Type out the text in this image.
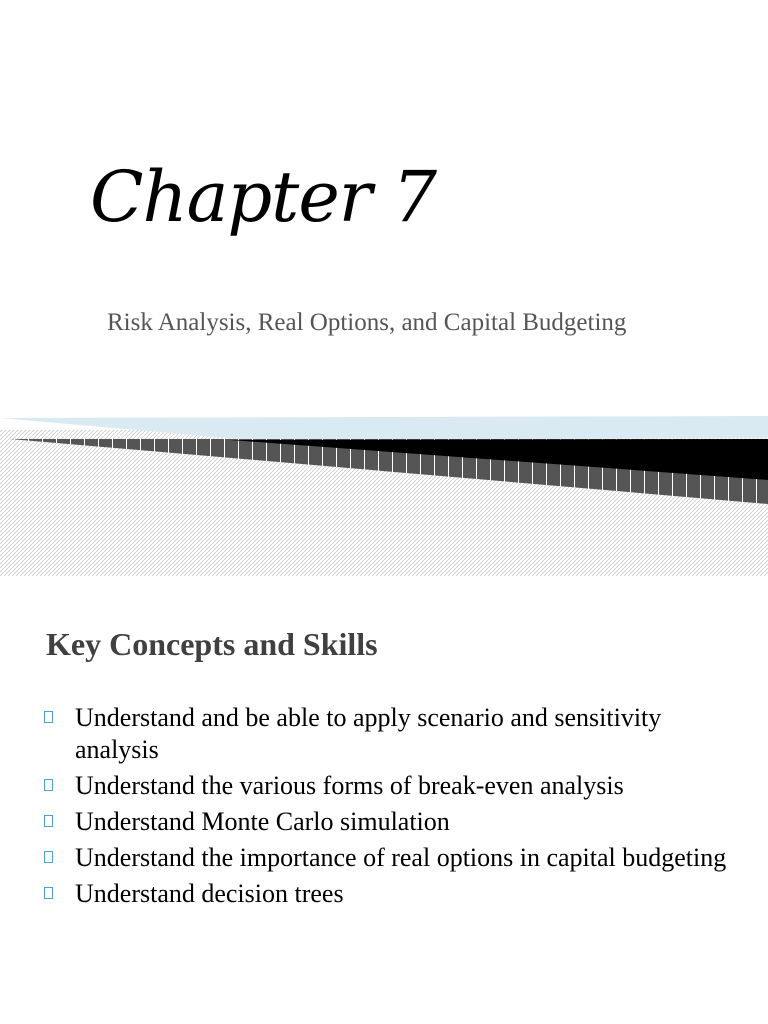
Chapter 7

Risk Analysis, Real Options, and Capital Budgeting

Key Concepts and Skills
Understand and be able to apply scenario and sensitivity analysis
Understand the various forms of break-even analysis
Understand Monte Carlo simulation
Understand the importance of real options in capital budgeting
Understand decision trees
